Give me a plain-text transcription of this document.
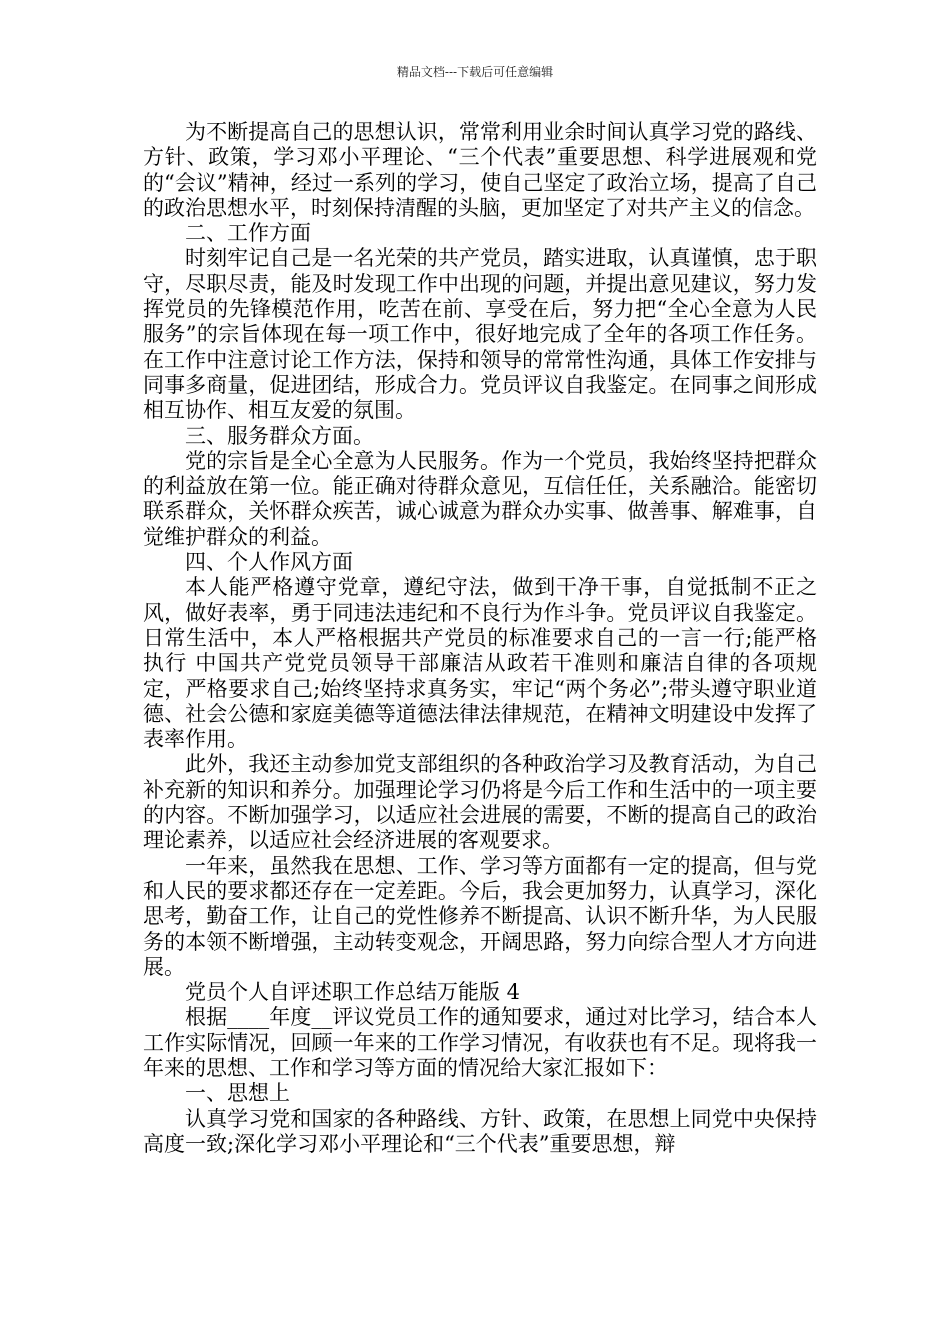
精品文档---下载后可任意编辑

为不断提高自己的思想认识，常常利用业余时间认真学习党的路线、方针、政策，学习邓小平理论、“三个代表”重要思想、科学进展观和党的“会议”精神，经过一系列的学习，使自己坚定了政治立场，提高了自己的政治思想水平，时刻保持清醒的头脑，更加坚定了对共产主义的信念。

二、工作方面

时刻牢记自己是一名光荣的共产党员，踏实进取，认真谨慎，忠于职守，尽职尽责，能及时发现工作中出现的问题，并提出意见建议，努力发挥党员的先锋模范作用，吃苦在前、享受在后，努力把“全心全意为人民服务”的宗旨体现在每一项工作中，很好地完成了全年的各项工作任务。在工作中注意讨论工作方法，保持和领导的常常性沟通，具体工作安排与同事多商量，促进团结，形成合力。党员评议自我鉴定。在同事之间形成相互协作、相互友爱的氛围。

三、服务群众方面。

党的宗旨是全心全意为人民服务。作为一个党员，我始终坚持把群众的利益放在第一位。能正确对待群众意见，互信任任，关系融洽。能密切联系群众，关怀群众疾苦，诚心诚意为群众办实事、做善事、解难事，自觉维护群众的利益。

四、个人作风方面

本人能严格遵守党章，遵纪守法，做到干净干事，自觉抵制不正之风，做好表率，勇于同违法违纪和不良行为作斗争。党员评议自我鉴定。日常生活中，本人严格根据共产党员的标准要求自己的一言一行;能严格执行 中国共产党党员领导干部廉洁从政若干准则和廉洁自律的各项规定，严格要求自己;始终坚持求真务实，牢记“两个务必”;带头遵守职业道德、社会公德和家庭美德等道德法律法律规范，在精神文明建设中发挥了表率作用。

此外，我还主动参加党支部组织的各种政治学习及教育活动，为自己补充新的知识和养分。加强理论学习仍将是今后工作和生活中的一项主要的内容。不断加强学习，以适应社会进展的需要，不断的提高自己的政治理论素养，以适应社会经济进展的客观要求。

一年来，虽然我在思想、工作、学习等方面都有一定的提高，但与党和人民的要求都还存在一定差距。今后，我会更加努力，认真学习，深化思考，勤奋工作，让自己的党性修养不断提高、认识不断升华，为人民服务的本领不断增强，主动转变观念，开阔思路，努力向综合型人才方向进展。

党员个人自评述职工作总结万能版 4

根据____年度__评议党员工作的通知要求，通过对比学习，结合本人工作实际情况，回顾一年来的工作学习情况，有收获也有不足。现将我一年来的思想、工作和学习等方面的情况给大家汇报如下：

一、思想上

认真学习党和国家的各种路线、方针、政策，在思想上同党中央保持高度一致;深化学习邓小平理论和“三个代表”重要思想，辩
